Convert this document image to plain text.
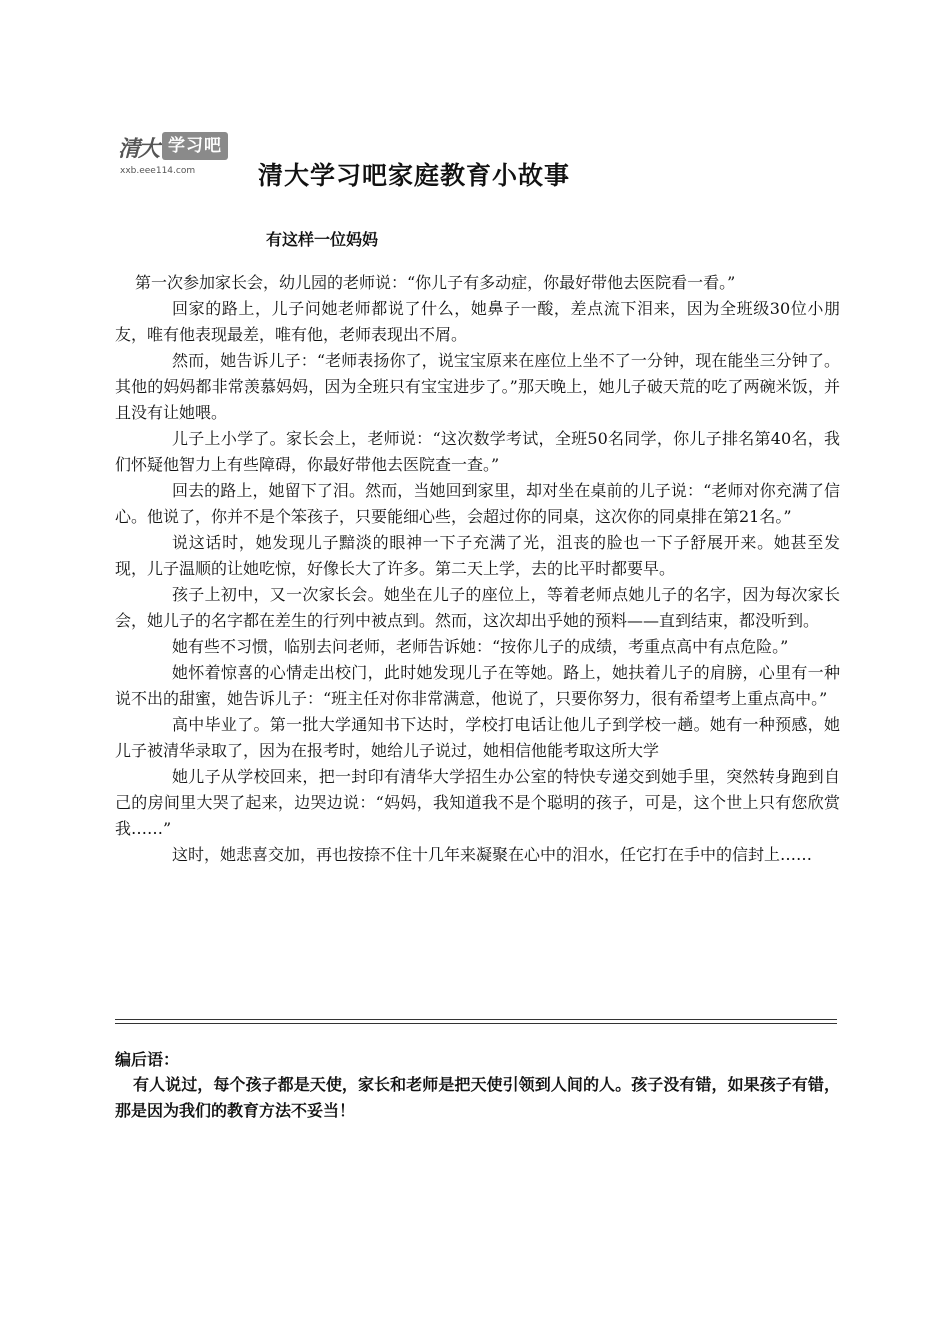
清大 学习吧
xxb.eee114.com	清大学习吧家庭教育小故事
有这样一位妈妈

第一次参加家长会，幼儿园的老师说：“你儿子有多动症，你最好带他去医院看一看。”

回家的路上，儿子问她老师都说了什么，她鼻子一酸，差点流下泪来，因为全班级30位小朋友，唯有他表现最差，唯有他，老师表现出不屑。

然而，她告诉儿子：“老师表扬你了，说宝宝原来在座位上坐不了一分钟，现在能坐三分钟了。其他的妈妈都非常羡慕妈妈，因为全班只有宝宝进步了。”那天晚上，她儿子破天荒的吃了两碗米饭，并且没有让她喂。

儿子上小学了。家长会上，老师说：“这次数学考试，全班50名同学，你儿子排名第40名，我们怀疑他智力上有些障碍，你最好带他去医院查一查。”

回去的路上，她留下了泪。然而，当她回到家里，却对坐在桌前的儿子说：“老师对你充满了信心。他说了，你并不是个笨孩子，只要能细心些，会超过你的同桌，这次你的同桌排在第21名。”

说这话时，她发现儿子黯淡的眼神一下子充满了光，沮丧的脸也一下子舒展开来。她甚至发现，儿子温顺的让她吃惊，好像长大了许多。第二天上学，去的比平时都要早。

孩子上初中，又一次家长会。她坐在儿子的座位上，等着老师点她儿子的名字，因为每次家长会，她儿子的名字都在差生的行列中被点到。然而，这次却出乎她的预料——直到结束，都没听到。

她有些不习惯，临别去问老师，老师告诉她：“按你儿子的成绩，考重点高中有点危险。”

她怀着惊喜的心情走出校门，此时她发现儿子在等她。路上，她扶着儿子的肩膀，心里有一种说不出的甜蜜，她告诉儿子：“班主任对你非常满意，他说了，只要你努力，很有希望考上重点高中。”

高中毕业了。第一批大学通知书下达时，学校打电话让他儿子到学校一趟。她有一种预感，她儿子被清华录取了，因为在报考时，她给儿子说过，她相信他能考取这所大学

她儿子从学校回来，把一封印有清华大学招生办公室的特快专递交到她手里，突然转身跑到自己的房间里大哭了起来，边哭边说：“妈妈，我知道我不是个聪明的孩子，可是，这个世上只有您欣赏我……”

这时，她悲喜交加，再也按捺不住十几年来凝聚在心中的泪水，任它打在手中的信封上……

编后语：
有人说过，每个孩子都是天使，家长和老师是把天使引领到人间的人。孩子没有错，如果孩子有错，那是因为我们的教育方法不妥当！
